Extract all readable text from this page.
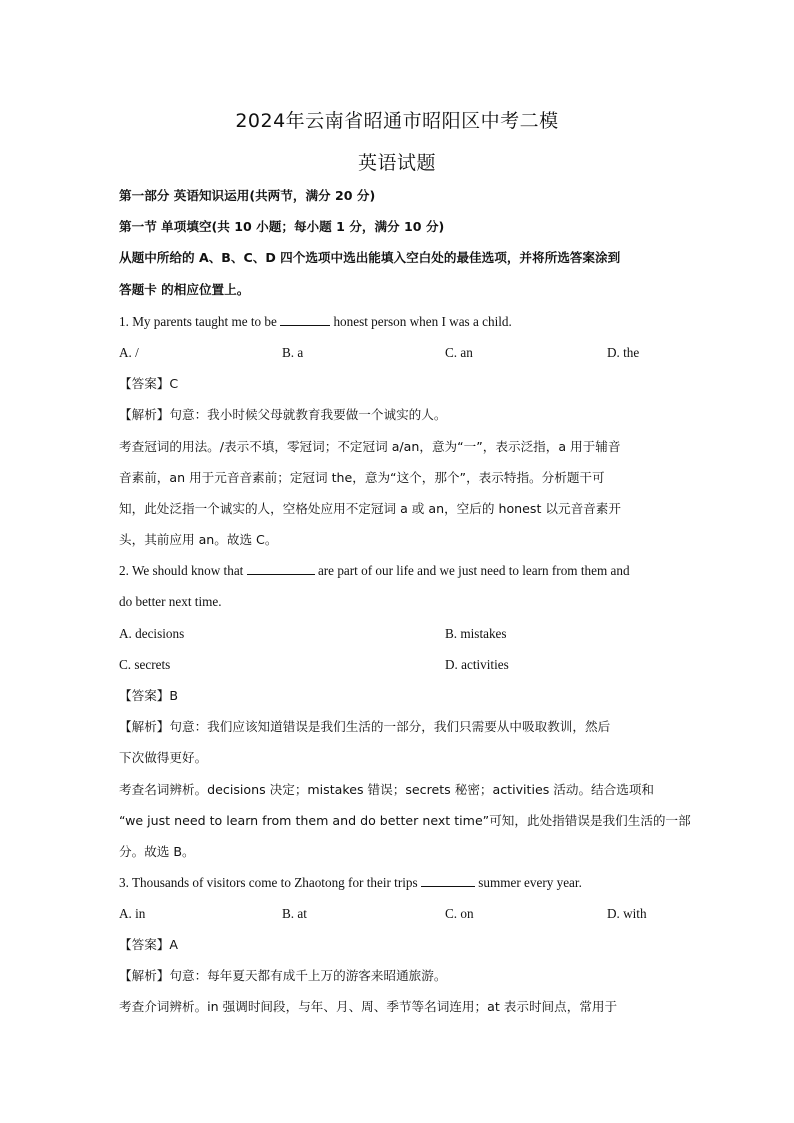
2024年云南省昭通市昭阳区中考二模
英语试题
第一部分 英语知识运用(共两节，满分 20 分)
第一节 单项填空(共 10 小题；每小题 1 分，满分 10 分)
从题中所给的 A、B、C、D 四个选项中选出能填入空白处的最佳选项，并将所选答案涂到
答题卡 的相应位置上。
1. My parents taught me to be	honest person when I was a child.
A. /	B. a	C. an	D. the
【答案】C
【解析】句意：我小时候父母就教育我要做一个诚实的人。
考查冠词的用法。/表示不填，零冠词；不定冠词 a/an，意为“一”，表示泛指，a 用于辅音
音素前，an 用于元音音素前；定冠词 the，意为“这个，那个”，表示特指。分析题干可
知，此处泛指一个诚实的人，空格处应用不定冠词 a 或 an，空后的 honest 以元音音素开
头，其前应用 an。故选 C。
2. We should know that	are part of our life and we just need to learn from them and
do better next time.
A. decisions	B. mistakes
C. secrets	D. activities
【答案】B
【解析】句意：我们应该知道错误是我们生活的一部分，我们只需要从中吸取教训，然后
下次做得更好。
考查名词辨析。decisions 决定；mistakes 错误；secrets 秘密；activities 活动。结合选项和
“we just need to learn from them and do better next time”可知，此处指错误是我们生活的一部
分。故选 B。
3. Thousands of visitors come to Zhaotong for their trips	summer every year.
A. in	B. at	C. on	D. with
【答案】A
【解析】句意：每年夏天都有成千上万的游客来昭通旅游。
考查介词辨析。in 强调时间段，与年、月、周、季节等名词连用；at 表示时间点，常用于
